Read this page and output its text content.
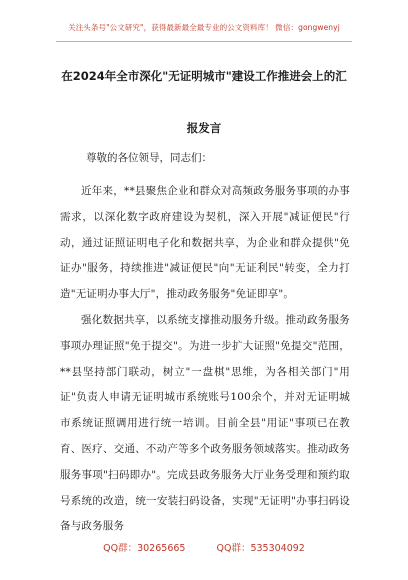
关注头条号"公文研究"，获得最新最全最专业的公文资料库！ 微信：gongwenyj
在2024年全市深化"无证明城市"建设工作推进会上的汇
报发言
尊敬的各位领导，同志们：

近年来，**县聚焦企业和群众对高频政务服务事项的办事需求，以深化数字政府建设为契机，深入开展"减证便民"行动，通过证照证明电子化和数据共享，为企业和群众提供"免证办"服务，持续推进"减证便民"向"无证利民"转变，全力打造"无证明办事大厅"，推动政务服务"免证即享"。

强化数据共享，以系统支撑推动服务升级。推动政务服务事项办理证照"免于提交"。为进一步扩大证照"免提交"范围，**县坚持部门联动，树立"一盘棋"思维，为各相关部门"用证"负责人申请无证明城市系统账号100余个，并对无证明城市系统证照调用进行统一培训。目前全县"用证"事项已在教育、医疗、交通、不动产等多个政务服务领域落实。推动政务服务事项"扫码即办"。完成县政务服务大厅业务受理和预约取号系统的改造，统一安装扫码设备，实现"无证明"办事扫码设备与政务服务

QQ群：30265665	QQ群：535304092
